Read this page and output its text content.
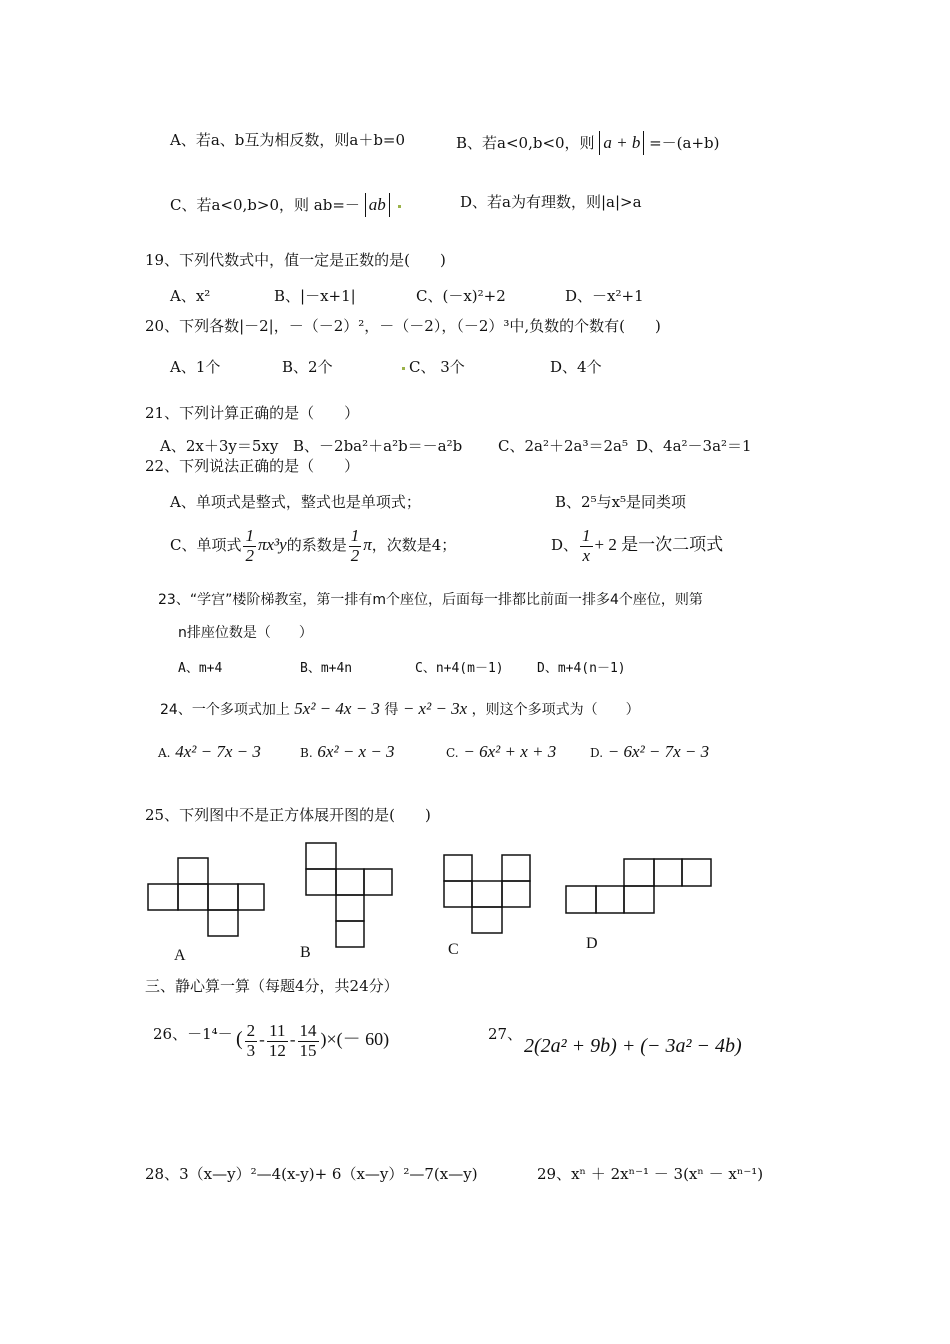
A、若a、b互为相反数，则a＋b=0	B、若a<0,b<0，则 a + b =－(a+b)
C、若a<0,b>0，则 ab=－ ab	D、若a为有理数，则|a|>a
19、下列代数式中，值一定是正数的是(　　)
A、x²	B、|－x+1|	C、(－x)²+2	D、－x²+1
20、下列各数|－2|，－（－2）²，－（－2），（－2）³中,负数的个数有(　　)
A、1个	B、2个	C、 3个	D、4个
21、下列计算正确的是（　　）
A、2x＋3y＝5xy B、－2ba²＋a²b＝－a²b C、2a²＋2a³＝2a⁵ D、4a²－3a²＝1
22、下列说法正确的是（　　）
A、单项式是整式，整式也是单项式；	B、2⁵与x⁵是同类项
C、单项式 $\frac{1}{2} \pi x^3y$的系数是 $\frac{1}{2}$ π，次数是4；	D、 $\frac{1}{x} + 2$ 是一次二项式
23、“学宫”楼阶梯教室，第一排有m个座位，后面每一排都比前面一排多4个座位，则第
n排座位数是（　　）
A、m+4	B、m+4n	C、n+4(m－1)	D、m+4(n－1)
24、一个多项式加上 5x² − 4x − 3 得 − x² − 3x ，则这个多项式为（　　）
A. 4x² − 7x − 3	B. 6x² − x − 3	C. − 6x² + x + 3	D. − 6x² − 7x − 3
25、下列图中不是正方体展开图的是(　　)
A	B	C	D
三、静心算一算（每题4分，共24分）
26、－1⁴－ ( $\frac{2}{3} - \frac{11}{12} - \frac{14}{15}$ )×(－ 60)	27、
2(2a² + 9b) + (− 3a² − 4b)
28、3（x—y）²—4(x-y)+ 6（x—y）²—7(x—y)	29、xⁿ ＋ 2xⁿ⁻¹ － 3(xⁿ － xⁿ⁻¹)
